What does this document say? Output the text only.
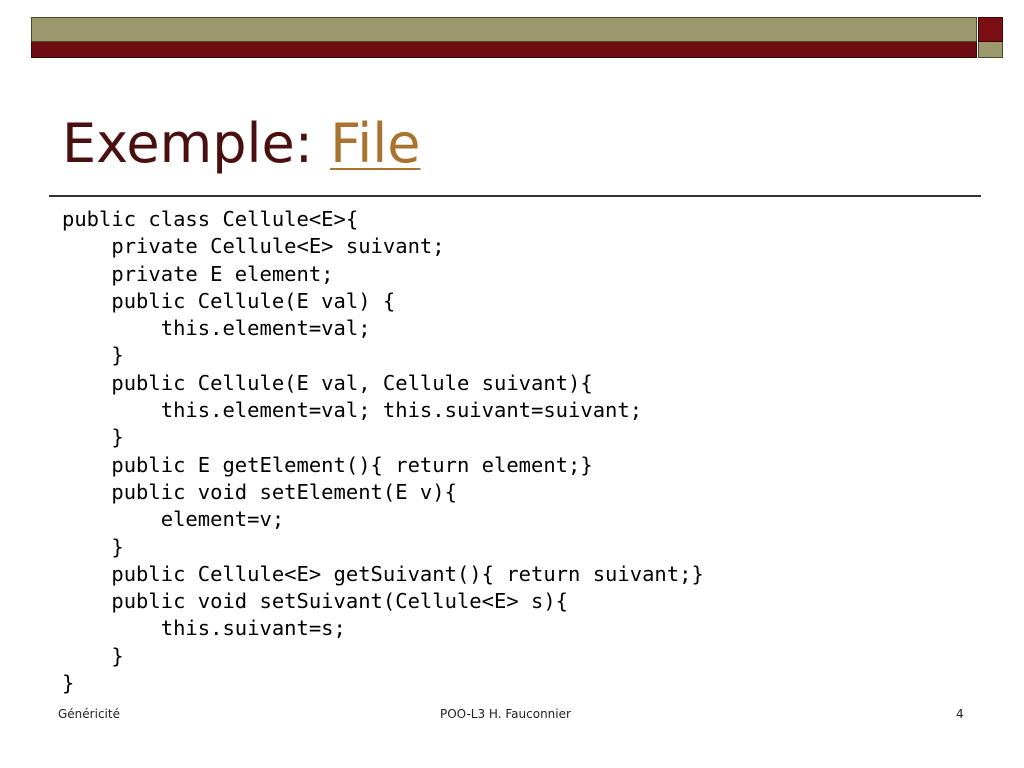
Exemple: File
public class Cellule<E>{
private Cellule<E> suivant;
private E element;
public Cellule(E val) {
this.element=val;
}
public Cellule(E val, Cellule suivant){
this.element=val; this.suivant=suivant;
}
public E getElement(){ return element;}
public void setElement(E v){
element=v;
}
public Cellule<E> getSuivant(){ return suivant;}
public void setSuivant(Cellule<E> s){
this.suivant=s;
}
}
Généricité	POO-L3 H. Fauconnier	4
